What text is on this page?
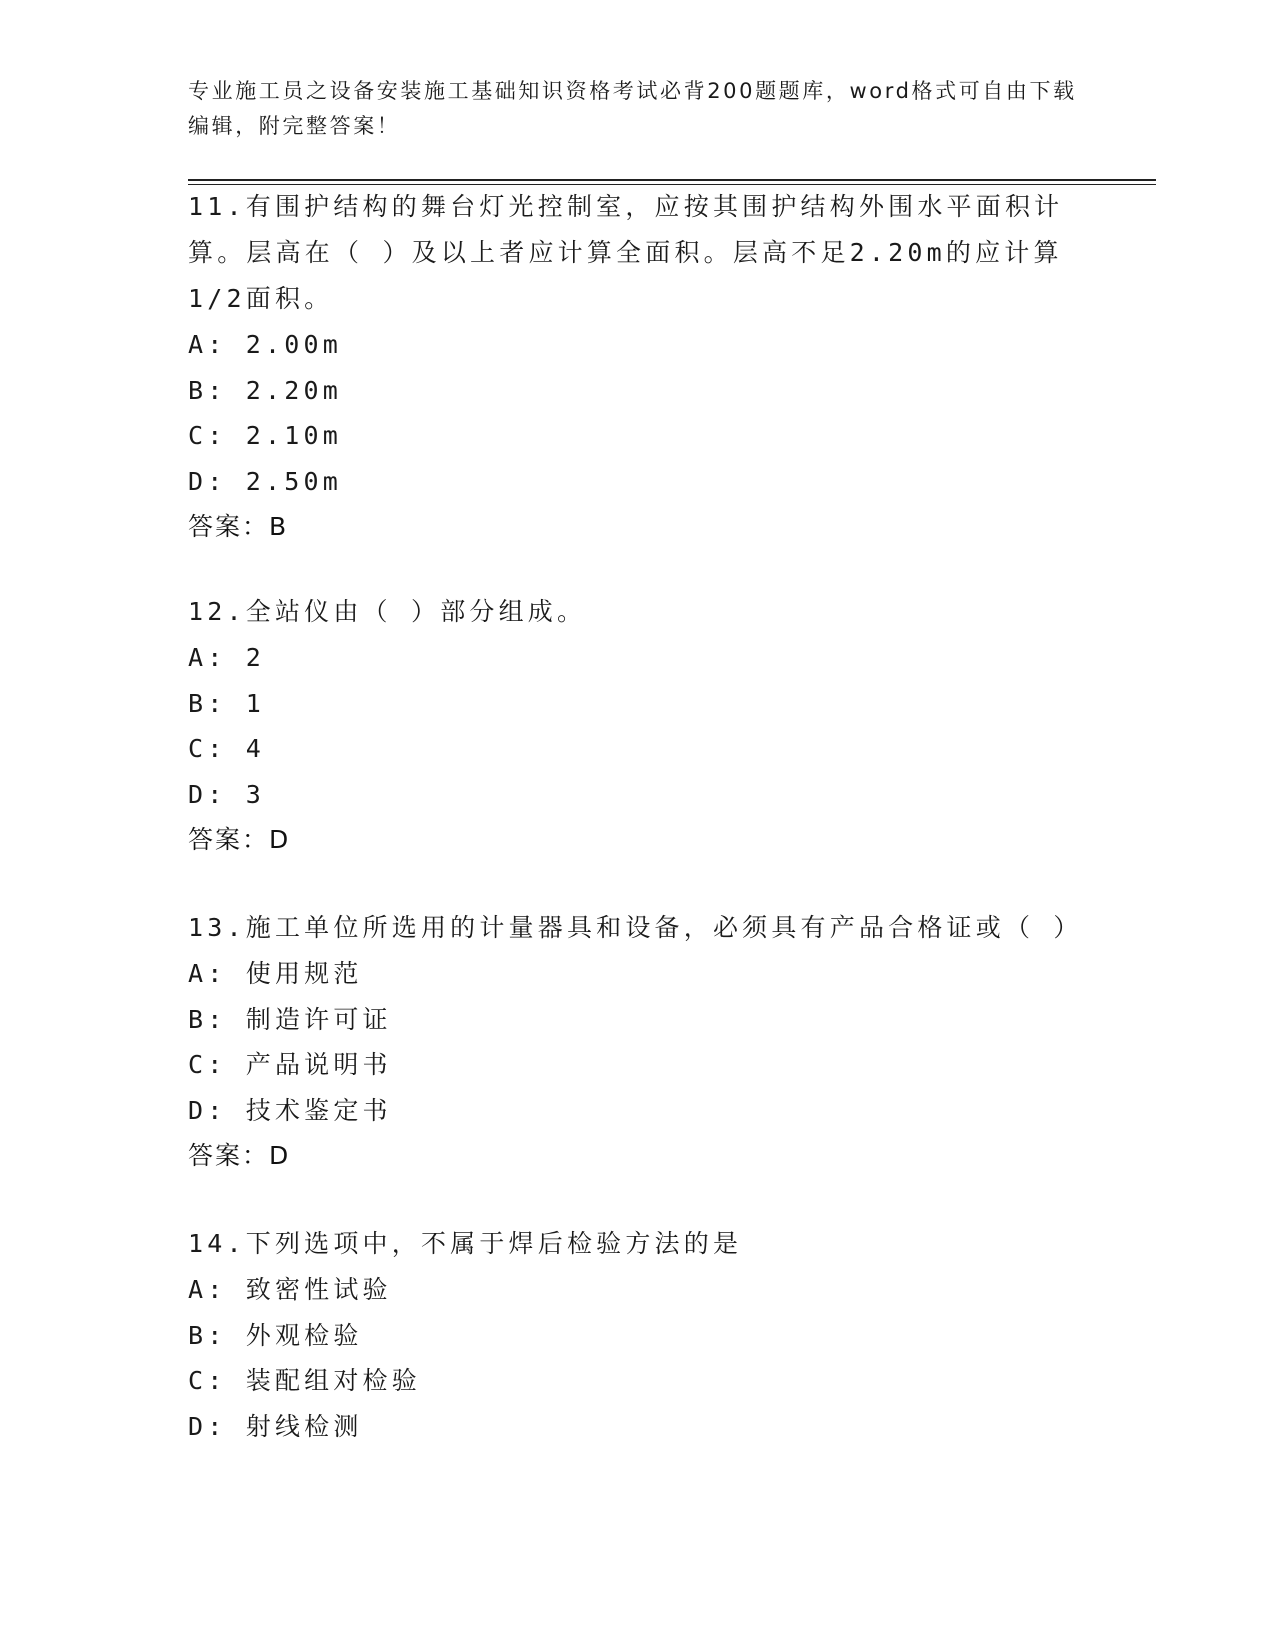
专业施工员之设备安装施工基础知识资格考试必背200题题库，word格式可自由下载编辑，附完整答案！

11.有围护结构的舞台灯光控制室，应按其围护结构外围水平面积计算。层高在（ ）及以上者应计算全面积。层高不足2.20m的应计算1/2面积。

A: 2.00m
B: 2.20m
C: 2.10m
D: 2.50m
答案：B

12.全站仪由（ ）部分组成。

A: 2
B: 1
C: 4
D: 3
答案：D

13.施工单位所选用的计量器具和设备，必须具有产品合格证或（ ）

A: 使用规范
B: 制造许可证
C: 产品说明书
D: 技术鉴定书
答案：D

14.下列选项中，不属于焊后检验方法的是

A: 致密性试验
B: 外观检验
C: 装配组对检验
D: 射线检测
